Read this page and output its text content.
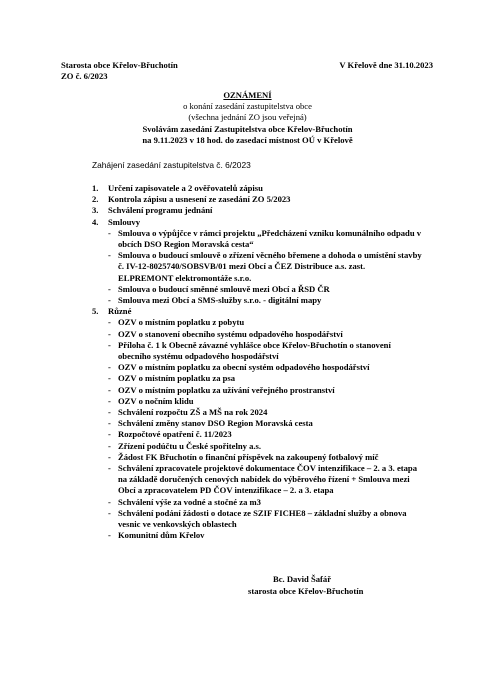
Starosta obce Křelov-Břuchotín
ZO č. 6/2023
V Křelově dne 31.10.2023
OZNÁMENÍ
o konání zasedání zastupitelstva obce
(všechna jednání ZO jsou veřejná)
Svolávám zasedání Zastupitelstva obce Křelov-Břuchotín
na 9.11.2023 v 18 hod. do zasedací místnost OÚ v Křelově
Zahájení zasedání zastupitelstva č. 6/2023
1. Určení zapisovatele a 2 ověřovatelů zápisu
2. Kontrola zápisu a usnesení ze zasedání ZO 5/2023
3. Schválení programu jednání
4. Smlouvy
- Smlouva o výpůjčce v rámci projektu „Předcházení vzniku komunálního odpadu v obcích DSO Region Moravská cesta“
- Smlouva o budoucí smlouvě o zřízení věcného břemene a dohoda o umístění stavby č. IV-12-8025740/SOBSVB/01 mezi Obcí a ČEZ Distribuce a.s. zast. ELPREMONT elektromontáže s.r.o.
- Smlouva o budoucí směnné smlouvě mezi Obcí a ŘSD ČR
- Smlouva mezi Obcí a SMS-služby s.r.o. - digitální mapy
5. Různé
- OZV o místním poplatku z pobytu
- OZV o stanovení obecního systému odpadového hospodářství
- Příloha č. 1 k Obecně závazné vyhlášce obce Křelov-Břuchotín o stanovení obecního systému odpadového hospodářství
- OZV o místním poplatku za obecní systém odpadového hospodářství
- OZV o místním poplatku za psa
- OZV o místním poplatku za užívání veřejného prostranství
- OZV o nočním klidu
- Schválení rozpočtu ZŠ a MŠ na rok 2024
- Schválení změny stanov DSO Region Moravská cesta
- Rozpočtové opatření č. 11/2023
- Zřízení podúčtu u České spořitelny a.s.
- Žádost FK Břuchotín o finanční příspěvek na zakoupený fotbalový míč
- Schválení zpracovatele projektové dokumentace ČOV intenzifikace – 2. a 3. etapa na základě doručených cenových nabídek do výběrového řízení + Smlouva mezi Obcí a zpracovatelem PD ČOV intenzifikace – 2. a 3. etapa
- Schválení výše za vodné a stočné za m3
- Schválení podání žádosti o dotace ze SZIF FICHE8 – základní služby a obnova vesnic ve venkovských oblastech
- Komunitní dům Křelov
Bc. David Šafář
starosta obce Křelov-Břuchotín
